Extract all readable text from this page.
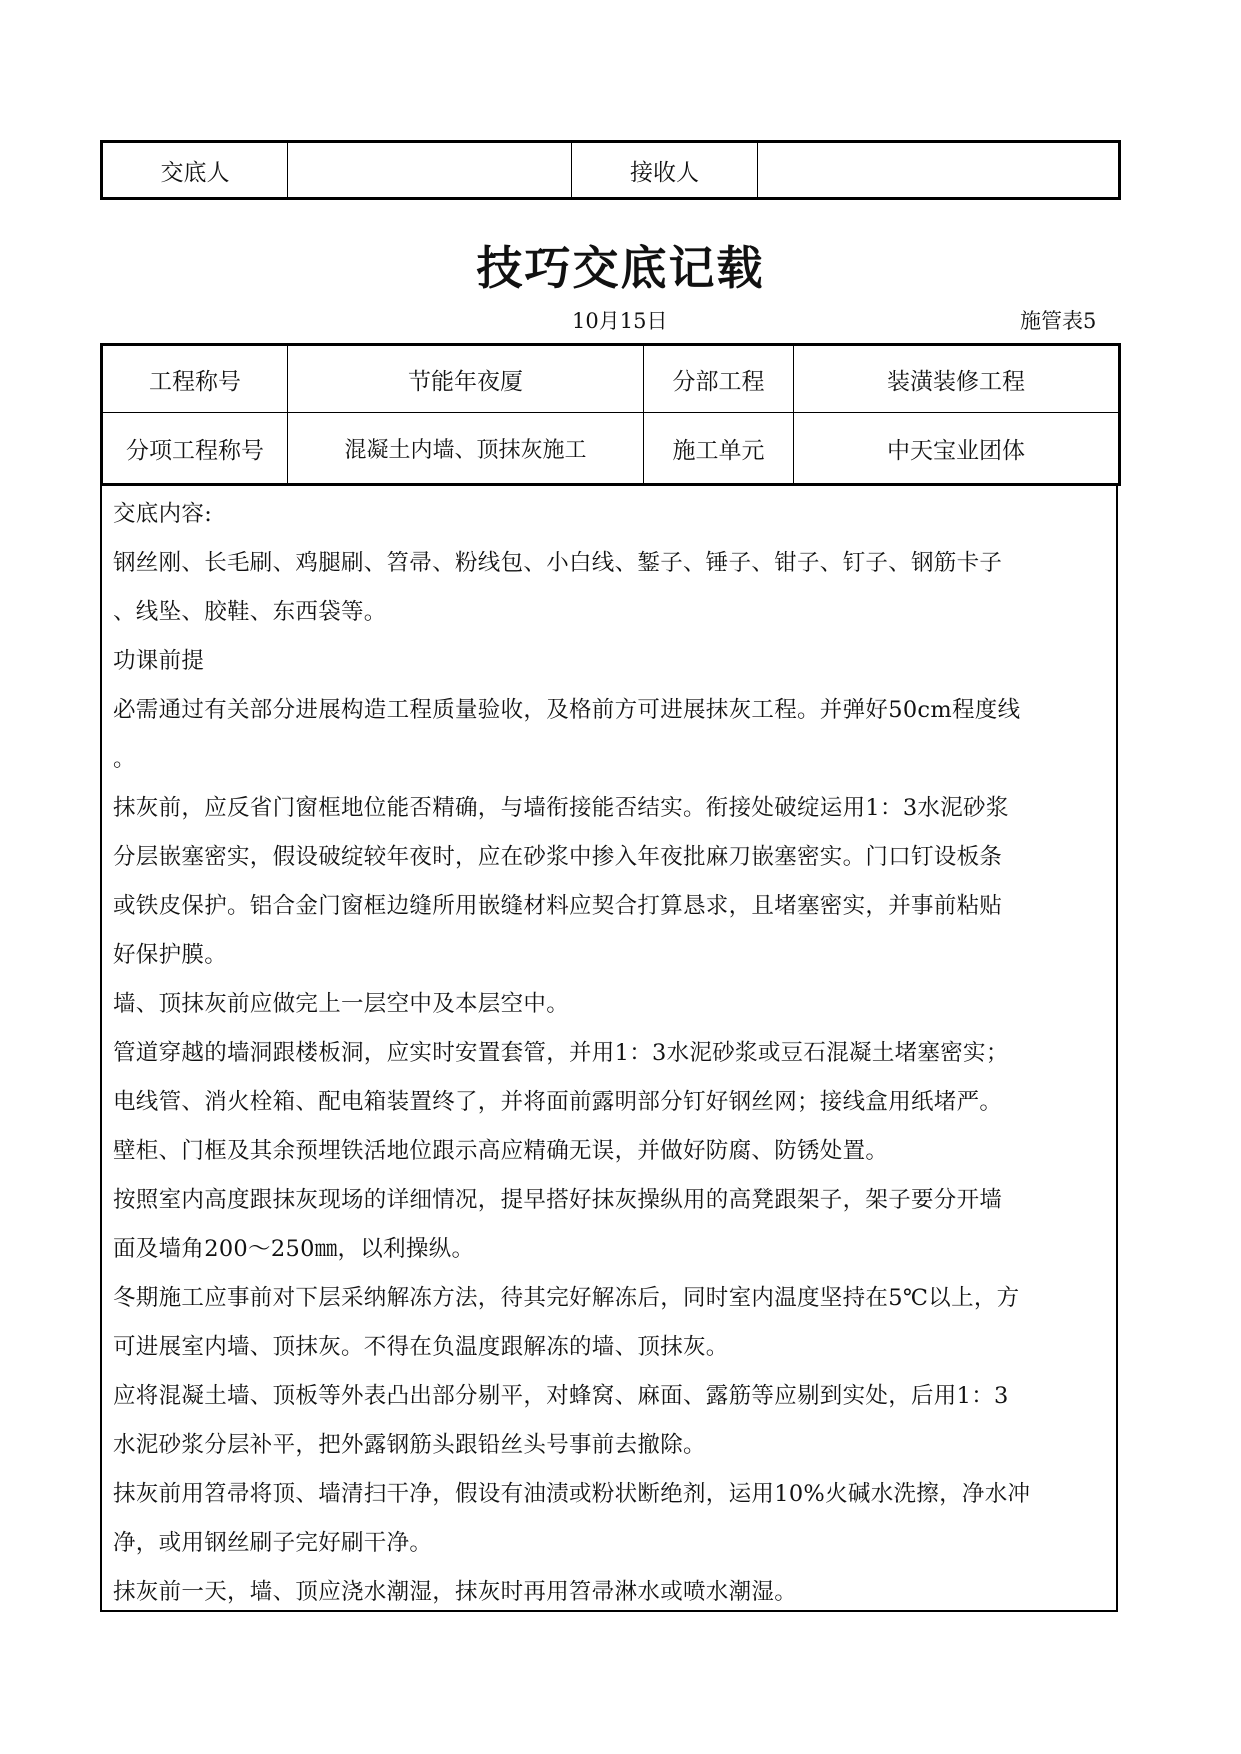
交底人		接收人	
技巧交底记载
10月15日	施管表5
工程称号	节能年夜厦	分部工程	装潢装修工程
分项工程称号	混凝土内墙、顶抹灰施工	施工单元	中天宝业团体

交底内容:

钢丝刚、长毛刷、鸡腿刷、笤帚、粉线包、小白线、錾子、锤子、钳子、钉子、钢筋卡子

、线坠、胶鞋、东西袋等。

功课前提

必需通过有关部分进展构造工程质量验收，及格前方可进展抹灰工程。并弹好50cm程度线

。

抹灰前，应反省门窗框地位能否精确，与墙衔接能否结实。衔接处破绽运用1：3水泥砂浆

分层嵌塞密实，假设破绽较年夜时，应在砂浆中掺入年夜批麻刀嵌塞密实。门口钉设板条

或铁皮保护。铝合金门窗框边缝所用嵌缝材料应契合打算恳求，且堵塞密实，并事前粘贴

好保护膜。

墙、顶抹灰前应做完上一层空中及本层空中。

管道穿越的墙洞跟楼板洞，应实时安置套管，并用1：3水泥砂浆或豆石混凝土堵塞密实；

电线管、消火栓箱、配电箱装置终了，并将面前露明部分钉好钢丝网；接线盒用纸堵严。

壁柜、门框及其余预埋铁活地位跟示高应精确无误，并做好防腐、防锈处置。

按照室内高度跟抹灰现场的详细情况，提早搭好抹灰操纵用的高凳跟架子，架子要分开墙

面及墙角200～250㎜，以利操纵。

冬期施工应事前对下层采纳解冻方法，待其完好解冻后，同时室内温度坚持在5℃以上，方

可进展室内墙、顶抹灰。不得在负温度跟解冻的墙、顶抹灰。

应将混凝土墙、顶板等外表凸出部分剔平，对蜂窝、麻面、露筋等应剔到实处，后用1：3

水泥砂浆分层补平，把外露钢筋头跟铅丝头号事前去撤除。

抹灰前用笤帚将顶、墙清扫干净，假设有油渍或粉状断绝剂，运用10%火碱水洗擦，净水冲

净，或用钢丝刷子完好刷干净。

抹灰前一天，墙、顶应浇水潮湿，抹灰时再用笤帚淋水或喷水潮湿。
